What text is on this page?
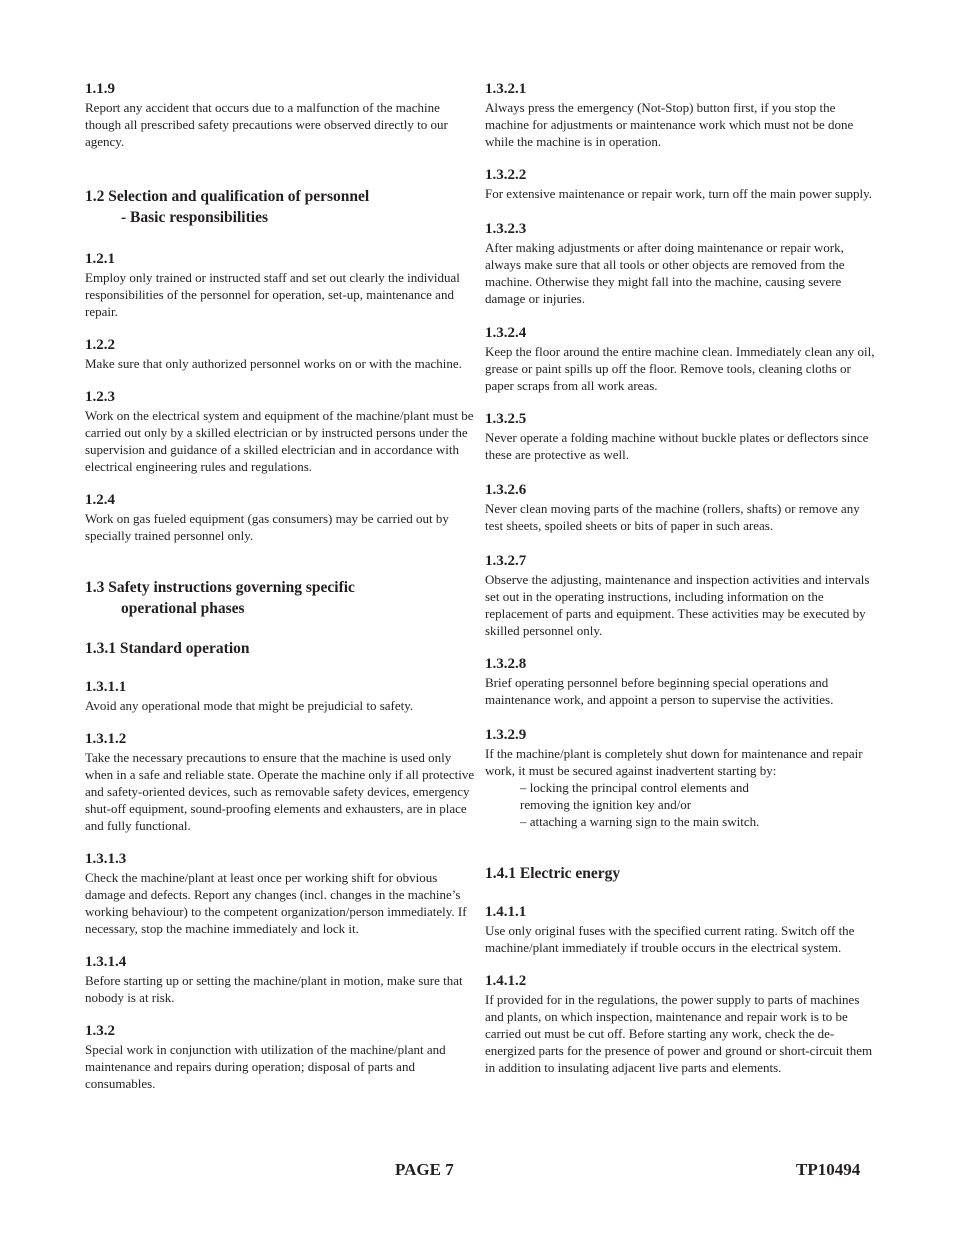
1.1.9

Report any accident that occurs due to a malfunction of the machine though all prescribed safety precautions were observed directly to our agency.

1.2 Selection and qualification of personnel
- Basic responsibilities

1.2.1

Employ only trained or instructed staff and set out clearly the individual responsibilities of the personnel for operation, set-up, maintenance and repair.

1.2.2

Make sure that only authorized personnel works on or with the machine.

1.2.3

Work on the electrical system and equipment of the machine/plant must be carried out only by a skilled electrician or by instructed persons under the supervision and guidance of a skilled electrician and in accordance with electrical engineering rules and regulations.

1.2.4

Work on gas fueled equipment (gas consumers) may be carried out by specially trained personnel only.

1.3 Safety instructions governing specific
operational phases
1.3.1 Standard operation

1.3.1.1

Avoid any operational mode that might be prejudicial to safety.

1.3.1.2

Take the necessary precautions to ensure that the machine is used only when in a safe and reliable state. Operate the machine only if all protective and safety-oriented devices, such as removable safety devices, emergency shut-off equipment, sound-proofing elements and exhausters, are in place and fully functional.

1.3.1.3

Check the machine/plant at least once per working shift for obvious damage and defects. Report any changes (incl. changes in the machine’s working behaviour) to the competent organization/person immediately. If necessary, stop the machine immediately and lock it.

1.3.1.4

Before starting up or setting the machine/plant in motion, make sure that nobody is at risk.

1.3.2

Special work in conjunction with utilization of the machine/plant and maintenance and repairs during operation; disposal of parts and consumables.

1.3.2.1

Always press the emergency (Not-Stop) button first, if you stop the machine for adjustments or maintenance work which must not be done while the machine is in operation.

1.3.2.2

For extensive maintenance or repair work, turn off the main power supply.

1.3.2.3

After making adjustments or after doing maintenance or repair work, always make sure that all tools or other objects are removed from the machine. Otherwise they might fall into the machine, causing severe damage or injuries.

1.3.2.4

Keep the floor around the entire machine clean. Immediately clean any oil, grease or paint spills up off the floor. Remove tools, cleaning cloths or paper scraps from all work areas.

1.3.2.5

Never operate a folding machine without buckle plates or deflectors since these are protective as well.

1.3.2.6

Never clean moving parts of the machine (rollers, shafts) or remove any test sheets, spoiled sheets or bits of paper in such areas.

1.3.2.7

Observe the adjusting, maintenance and inspection activities and intervals set out in the operating instructions, including information on the replacement of parts and equipment. These activities may be executed by skilled personnel only.

1.3.2.8

Brief operating personnel before beginning special operations and maintenance work, and appoint a person to supervise the activities.

1.3.2.9

If the machine/plant is completely shut down for maintenance and repair work, it must be secured against inadvertent starting by:

– locking the principal control elements and
removing the ignition key and/or
– attaching a warning sign to the main switch.
1.4.1 Electric energy

1.4.1.1

Use only original fuses with the specified current rating. Switch off the machine/plant immediately if trouble occurs in the electrical system.

1.4.1.2

If provided for in the regulations, the power supply to parts of machines and plants, on which inspection, maintenance and repair work is to be carried out must be cut off. Before starting any work, check the de-energized parts for the presence of power and ground or short-circuit them in addition to insulating adjacent live parts and elements.

PAGE 7	TP10494
